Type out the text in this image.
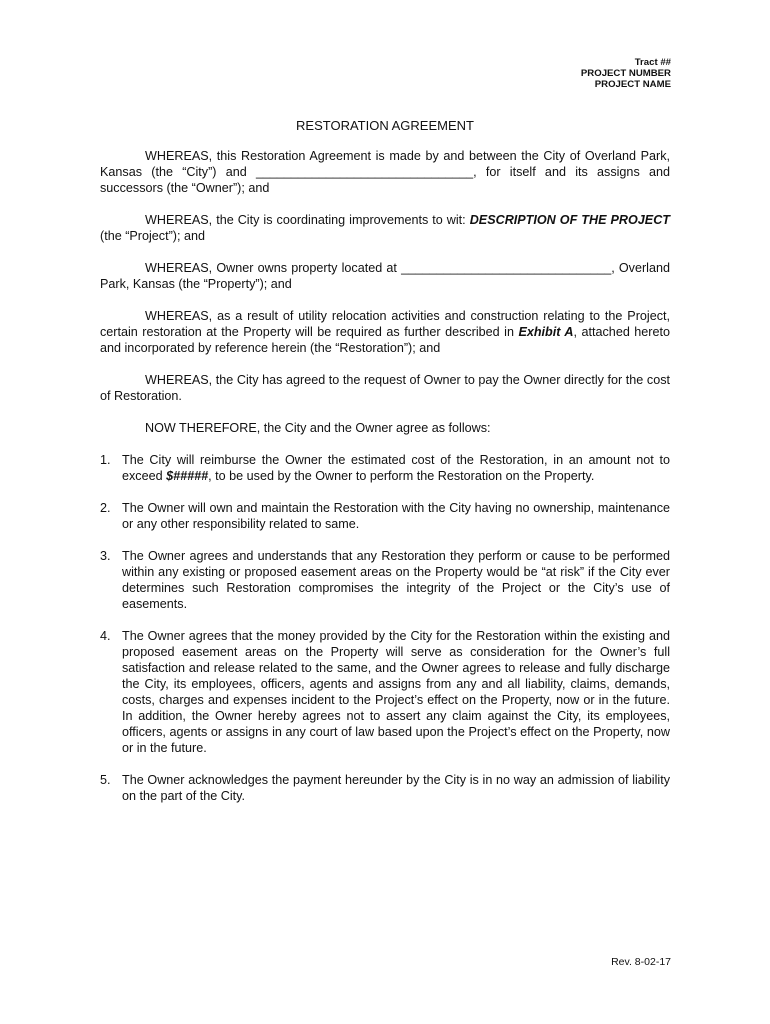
Tract ##
PROJECT NUMBER
PROJECT NAME
RESTORATION AGREEMENT

WHEREAS, this Restoration Agreement is made by and between the City of Overland Park, Kansas (the “City”) and _______________________________, for itself and its assigns and successors (the “Owner”); and

WHEREAS, the City is coordinating improvements to wit: DESCRIPTION OF THE PROJECT (the “Project”); and

WHEREAS, Owner owns property located at ______________________________, Overland Park, Kansas (the “Property”); and

WHEREAS, as a result of utility relocation activities and construction relating to the Project, certain restoration at the Property will be required as further described in Exhibit A, attached hereto and incorporated by reference herein (the “Restoration”); and

WHEREAS, the City has agreed to the request of Owner to pay the Owner directly for the cost of Restoration.

NOW THEREFORE, the City and the Owner agree as follows:

1. The City will reimburse the Owner the estimated cost of the Restoration, in an amount not to exceed $#####, to be used by the Owner to perform the Restoration on the Property.
2. The Owner will own and maintain the Restoration with the City having no ownership, maintenance or any other responsibility related to same.
3. The Owner agrees and understands that any Restoration they perform or cause to be performed within any existing or proposed easement areas on the Property would be “at risk” if the City ever determines such Restoration compromises the integrity of the Project or the City’s use of easements.
4. The Owner agrees that the money provided by the City for the Restoration within the existing and proposed easement areas on the Property will serve as consideration for the Owner’s full satisfaction and release related to the same, and the Owner agrees to release and fully discharge the City, its employees, officers, agents and assigns from any and all liability, claims, demands, costs, charges and expenses incident to the Project’s effect on the Property, now or in the future. In addition, the Owner hereby agrees not to assert any claim against the City, its employees, officers, agents or assigns in any court of law based upon the Project’s effect on the Property, now or in the future.
5. The Owner acknowledges the payment hereunder by the City is in no way an admission of liability on the part of the City.
Rev. 8-02-17
